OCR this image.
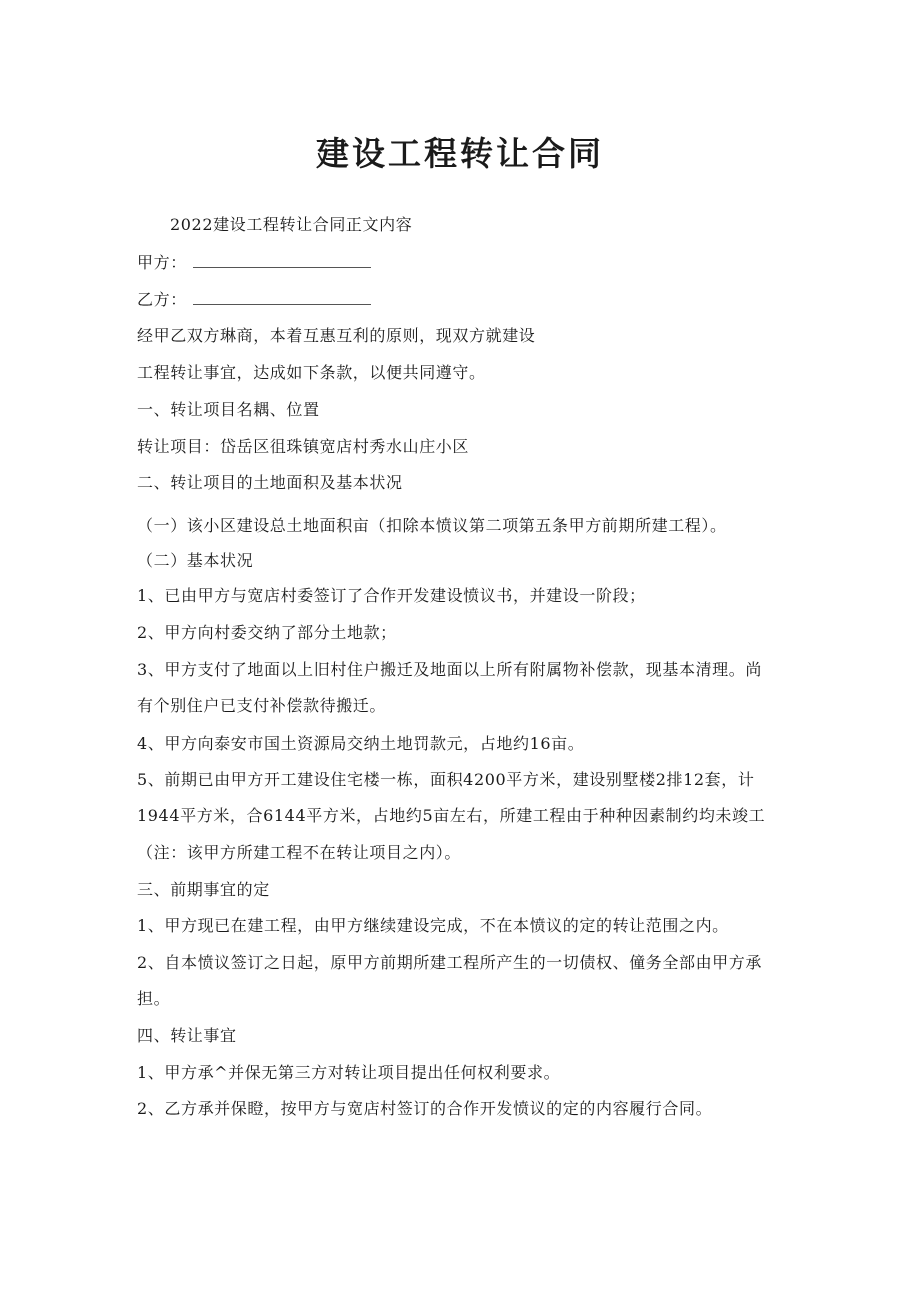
建设工程转让合同
2022建设工程转让合同正文内容
甲方：
乙方：
经甲乙双方琳商，本着互惠互利的原则，现双方就建设
工程转让事宜，达成如下条款，以便共同遵守。
一、转让项目名耦、位置
转让项目：岱岳区徂珠镇宽店村秀水山庄小区
二、转让项目的土地面积及基本状况
（一）该小区建设总土地面积亩（扣除本愤议第二项第五条甲方前期所建工程）。
（二）基本状况
1、已由甲方与宽店村委签订了合作开发建设愤议书，并建设一阶段；
2、甲方向村委交纳了部分土地款；
3、甲方支付了地面以上旧村住户搬迁及地面以上所有附属物补偿款，现基本清理。尚
有个别住户已支付补偿款待搬迁。
4、甲方向泰安市国土资源局交纳土地罚款元，占地约16亩。
5、前期已由甲方开工建设住宅楼一栋，面积4200平方米，建设别墅楼2排12套，计
1944平方米，合6144平方米，占地约5亩左右，所建工程由于种种因素制约均未竣工
（注：该甲方所建工程不在转让项目之内）。
三、前期事宜的定
1、甲方现已在建工程，由甲方继续建设完成，不在本愤议的定的转让范围之内。
2、自本愤议签订之日起，原甲方前期所建工程所产生的一切债权、僮务全部由甲方承
担。
四、转让事宜
1、甲方承^并保无第三方对转让项目提出任何权利要求。
2、乙方承并保瞪，按甲方与宽店村签订的合作开发愤议的定的内容履行合同。
